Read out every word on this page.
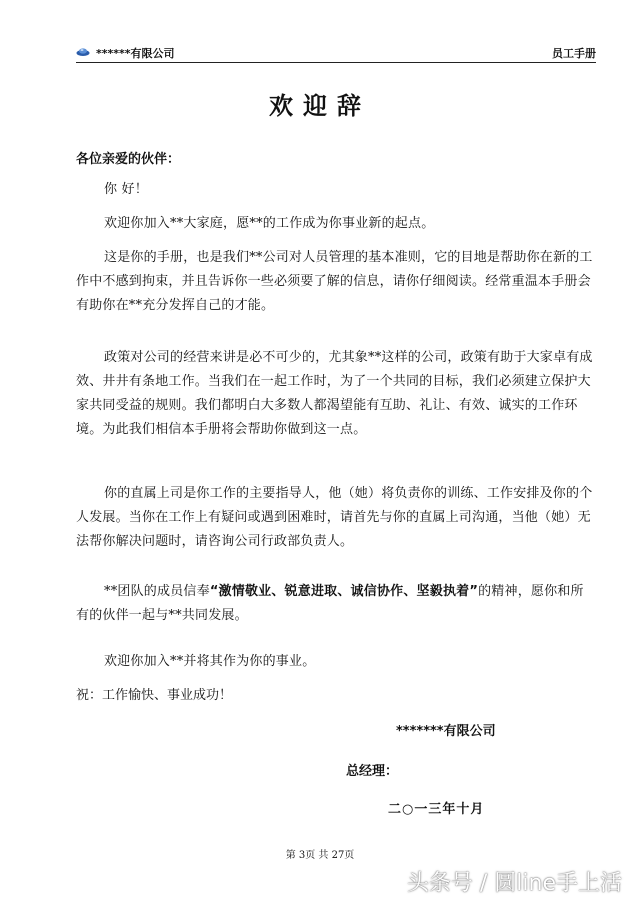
******有限公司	员工手册
欢迎辞
各位亲爱的伙伴：
你 好！
欢迎你加入**大家庭，愿**的工作成为你事业新的起点。
这是你的手册，也是我们**公司对人员管理的基本准则，它的目地是帮助你在新的工作中不感到拘束，并且告诉你一些必须要了解的信息，请你仔细阅读。经常重温本手册会有助你在**充分发挥自己的才能。
政策对公司的经营来讲是必不可少的，尤其象**这样的公司，政策有助于大家卓有成效、井井有条地工作。当我们在一起工作时，为了一个共同的目标，我们必须建立保护大家共同受益的规则。我们都明白大多数人都渴望能有互助、礼让、有效、诚实的工作环境。为此我们相信本手册将会帮助你做到这一点。
你的直属上司是你工作的主要指导人，他（她）将负责你的训练、工作安排及你的个人发展。当你在工作上有疑问或遇到困难时，请首先与你的直属上司沟通，当他（她）无法帮你解决问题时，请咨询公司行政部负责人。
**团队的成员信奉“激情敬业、锐意进取、诚信协作、坚毅执着”的精神，愿你和所有的伙伴一起与**共同发展。
欢迎你加入**并将其作为你的事业。
祝：工作愉快、事业成功！
*******有限公司
总经理：
二○一三年十月
第 3页 共 27页
头条号 / 圆line手上活
